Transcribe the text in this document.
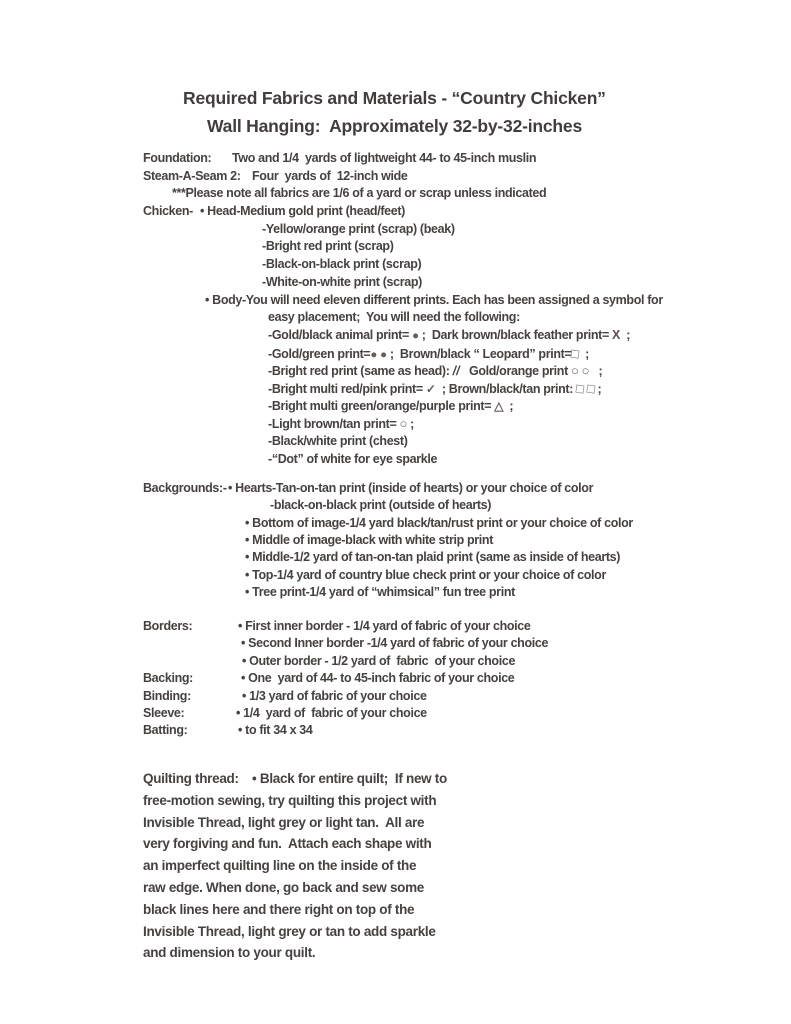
Required Fabrics and Materials - “Country Chicken”
Wall Hanging:  Approximately 32-by-32-inches
Foundation: Two and 1/4  yards of lightweight 44- to 45-inch muslin
Steam-A-Seam 2: Four  yards of  12-inch wide
***Please note all fabrics are 1/6 of a yard or scrap unless indicated
Chicken- • Head-Medium gold print (head/feet)
-Yellow/orange print (scrap) (beak)
-Bright red print (scrap)
-Black-on-black print (scrap)
-White-on-white print (scrap)
• Body-You will need eleven different prints. Each has been assigned a symbol for
easy placement;  You will need the following:
-Gold/black animal print= ● ;  Dark brown/black feather print= X  ;
-Gold/green print=● ● ;  Brown/black “ Leopard” print=□  ;
-Bright red print (same as head): //   Gold/orange print ○ ○   ;
-Bright multi red/pink print= ✓  ; Brown/black/tan print: □ □ ;
-Bright multi green/orange/purple print= △  ;
-Light brown/tan print= ○ ;
-Black/white print (chest)
-“Dot” of white for eye sparkle
Backgrounds:- • Hearts-Tan-on-tan print (inside of hearts) or your choice of color
-black-on-black print (outside of hearts)
• Bottom of image-1/4 yard black/tan/rust print or your choice of color
• Middle of image-black with white strip print
• Middle-1/2 yard of tan-on-tan plaid print (same as inside of hearts)
• Top-1/4 yard of country blue check print or your choice of color
• Tree print-1/4 yard of “whimsical” fun tree print
Borders:	• First inner border - 1/4 yard of fabric of your choice
• Second Inner border -1/4 yard of fabric of your choice
• Outer border - 1/2 yard of  fabric  of your choice
Backing:	• One  yard of 44- to 45-inch fabric of your choice
Binding:	• 1/3 yard of fabric of your choice
Sleeve:	• 1/4  yard of  fabric of your choice
Batting:	• to fit 34 x 34
Quilting thread: • Black for entire quilt;  If new to
free-motion sewing, try quilting this project with
Invisible Thread, light grey or light tan.  All are
very forgiving and fun.  Attach each shape with
an imperfect quilting line on the inside of the
raw edge. When done, go back and sew some
black lines here and there right on top of the
Invisible Thread, light grey or tan to add sparkle
and dimension to your quilt.
